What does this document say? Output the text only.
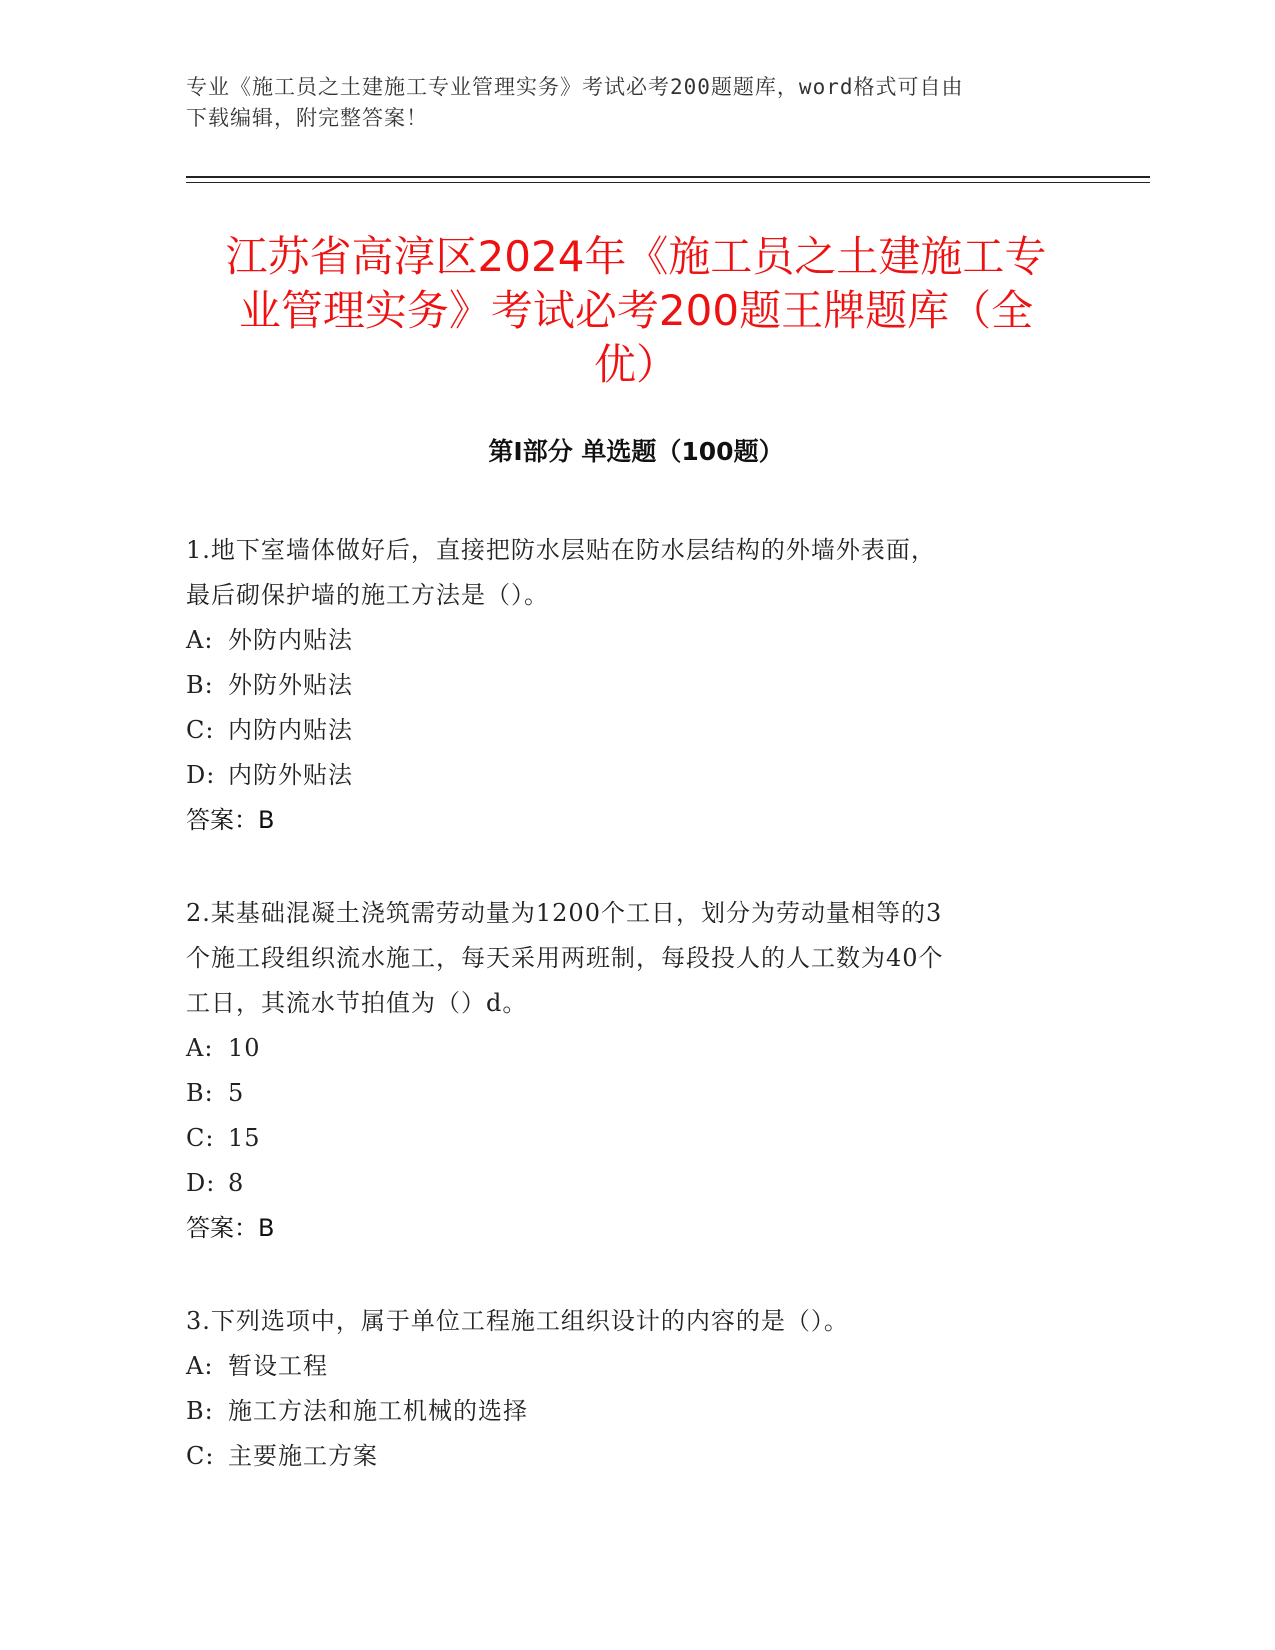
专业《施工员之土建施工专业管理实务》考试必考200题题库，word格式可自由
下载编辑，附完整答案！
江苏省高淳区2024年《施工员之土建施工专
业管理实务》考试必考200题王牌题库（全
优）
第Ⅰ部分 单选题（100题）

1.地下室墙体做好后，直接把防水层贴在防水层结构的外墙外表面，
最后砌保护墙的施工方法是（）。

A: 外防内贴法
B: 外防外贴法
C: 内防内贴法
D: 内防外贴法
答案：B

2.某基础混凝土浇筑需劳动量为1200个工日，划分为劳动量相等的3
个施工段组织流水施工，每天采用两班制，每段投人的人工数为40个
工日，其流水节拍值为（）d。

A: 10
B: 5
C: 15
D: 8
答案：B

3.下列选项中，属于单位工程施工组织设计的内容的是（）。

A: 暂设工程
B: 施工方法和施工机械的选择
C: 主要施工方案
